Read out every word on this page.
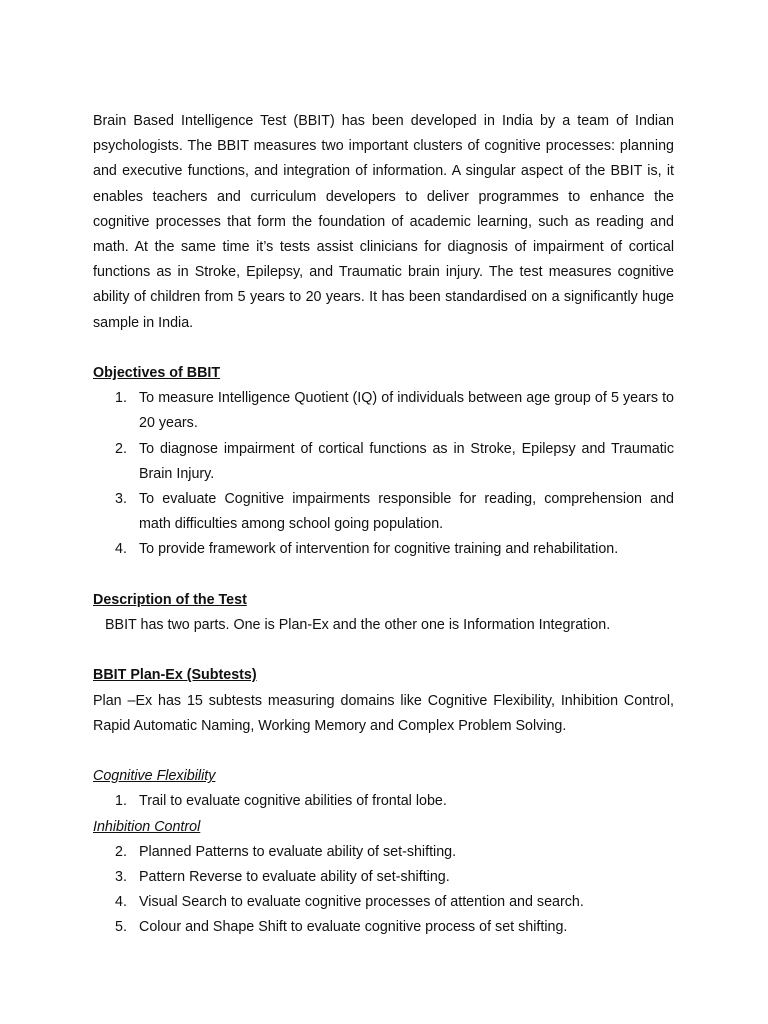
Brain Based Intelligence Test (BBIT) has been developed in India by a team of Indian psychologists. The BBIT measures two important clusters of cognitive processes: planning and executive functions, and integration of information. A singular aspect of the BBIT is, it enables teachers and curriculum developers to deliver programmes to enhance the cognitive processes that form the foundation of academic learning, such as reading and math. At the same time it’s tests assist clinicians for diagnosis of impairment of cortical functions as in Stroke, Epilepsy, and Traumatic brain injury. The test measures cognitive ability of children from 5 years to 20 years. It has been standardised on a significantly huge sample in India.

Objectives of BBIT

1. To measure Intelligence Quotient (IQ) of individuals between age group of 5 years to 20 years.
2. To diagnose impairment of cortical functions as in Stroke, Epilepsy and Traumatic Brain Injury.
3. To evaluate Cognitive impairments responsible for reading, comprehension and math difficulties among school going population.
4. To provide framework of intervention for cognitive training and rehabilitation.

Description of the Test

BBIT has two parts. One is Plan-Ex and the other one is Information Integration.

BBIT Plan-Ex (Subtests)

Plan –Ex has 15 subtests measuring domains like Cognitive Flexibility, Inhibition Control, Rapid Automatic Naming, Working Memory and Complex Problem Solving.

Cognitive Flexibility

1. Trail to evaluate cognitive abilities of frontal lobe.

Inhibition Control

2. Planned Patterns to evaluate ability of set-shifting.
3. Pattern Reverse to evaluate ability of set-shifting.
4. Visual Search to evaluate cognitive processes of attention and search.
5. Colour and Shape Shift to evaluate cognitive process of set shifting.
